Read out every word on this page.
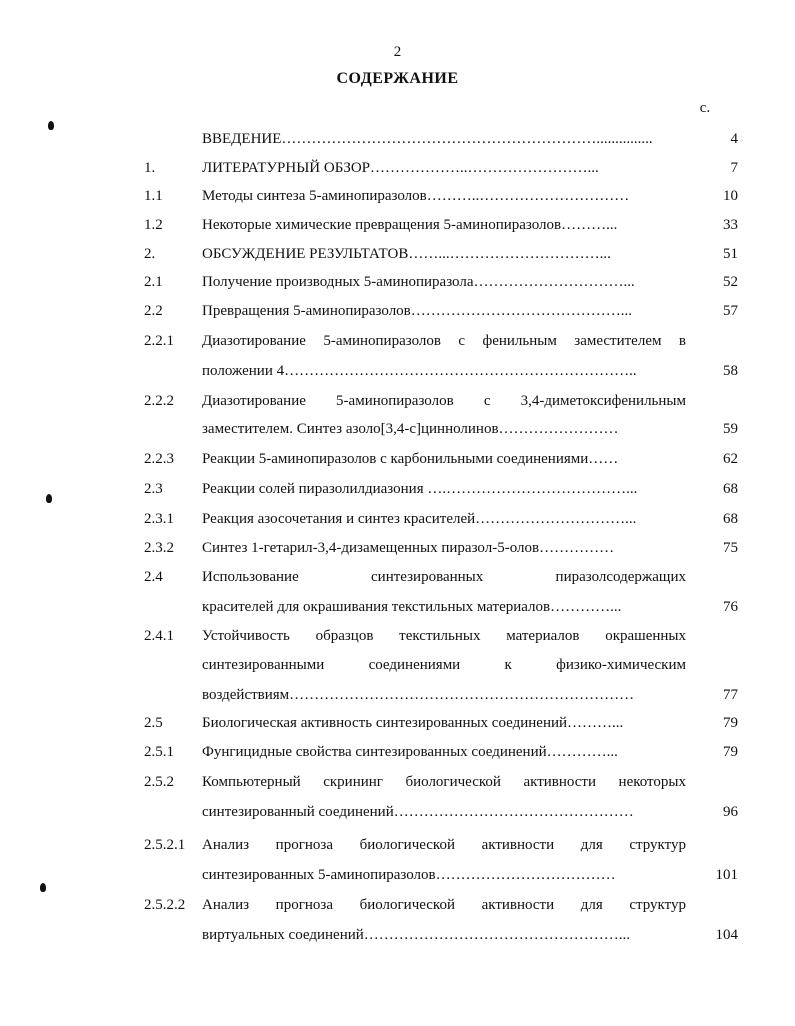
2
СОДЕРЖАНИЕ
с.
ВВЕДЕНИЕ………………………………………………………...............	4
1.	ЛИТЕРАТУРНЫЙ ОБЗОР………………..……………………...	7
1.1	Методы синтеза 5-аминопиразолов………..…………………………	10
1.2	Некоторые химические превращения 5-аминопиразолов………...	33
2.	ОБСУЖДЕНИЕ РЕЗУЛЬТАТОВ……...…………………………...	51
2.1	Получение производных 5-аминопиразола…………………………...	52
2.2	Превращения 5-аминопиразолов……………………………………...	57
2.2.1 Диазотирование 5-аминопиразолов с фенильным заместителем в
положении 4……………………………………………………………..	58
2.2.2 Диазотирование 5-аминопиразолов с 3,4-диметоксифенильным
заместителем. Синтез азоло[3,4-c]циннолинов……………………	59
2.2.3 Реакции 5-аминопиразолов с карбонильными соединениями……	62
2.3	Реакции солей пиразолилдиазония ….………………………………...	68
2.3.1 Реакция азосочетания и синтез красителей…………………………...	68
2.3.2 Синтез 1-гетарил-3,4-дизамещенных пиразол-5-олов……………	75
2.4	Использование синтезированных пиразолсодержащих
красителей для окрашивания текстильных материалов…………...	76
2.4.1 Устойчивость образцов текстильных материалов окрашенных
синтезированными соединениями к физико-химическим
воздействиям……………………………………………………………	77
2.5	Биологическая активность синтезированных соединений………...	79
2.5.1 Фунгицидные свойства синтезированных соединений…………...	79
2.5.2 Компьютерный скрининг биологической активности некоторых
синтезированный соединений…………………………………………	96
2.5.2.1 Анализ прогноза биологической активности для структур
синтезированных 5-аминопиразолов………………………………	101
2.5.2.2 Анализ прогноза биологической активности для структур
виртуальных соединений……………………………………………...	104
